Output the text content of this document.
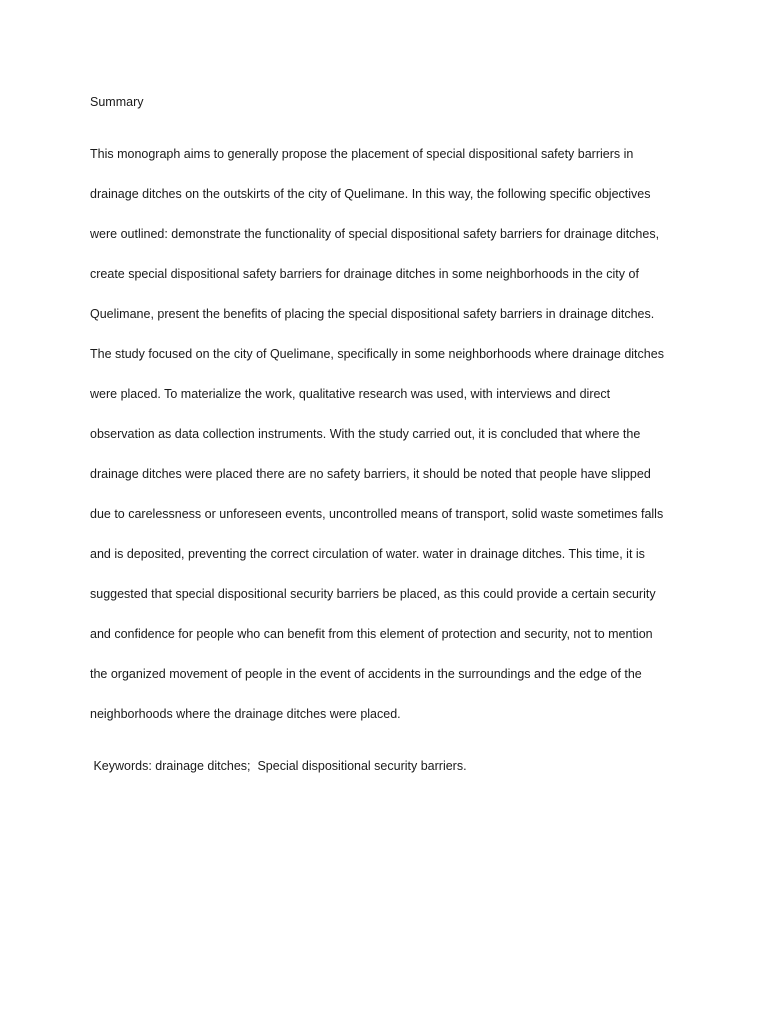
Summary

This monograph aims to generally propose the placement of special dispositional safety barriers in

drainage ditches on the outskirts of the city of Quelimane. In this way, the following specific objectives

were outlined: demonstrate the functionality of special dispositional safety barriers for drainage ditches,

create special dispositional safety barriers for drainage ditches in some neighborhoods in the city of

Quelimane, present the benefits of placing the special dispositional safety barriers in drainage ditches.

The study focused on the city of Quelimane, specifically in some neighborhoods where drainage ditches

were placed. To materialize the work, qualitative research was used, with interviews and direct

observation as data collection instruments. With the study carried out, it is concluded that where the

drainage ditches were placed there are no safety barriers, it should be noted that people have slipped

due to carelessness or unforeseen events, uncontrolled means of transport, solid waste sometimes falls

and is deposited, preventing the correct circulation of water. water in drainage ditches. This time, it is

suggested that special dispositional security barriers be placed, as this could provide a certain security

and confidence for people who can benefit from this element of protection and security, not to mention

the organized movement of people in the event of accidents in the surroundings and the edge of the

neighborhoods where the drainage ditches were placed.

Keywords: drainage ditches;  Special dispositional security barriers.
